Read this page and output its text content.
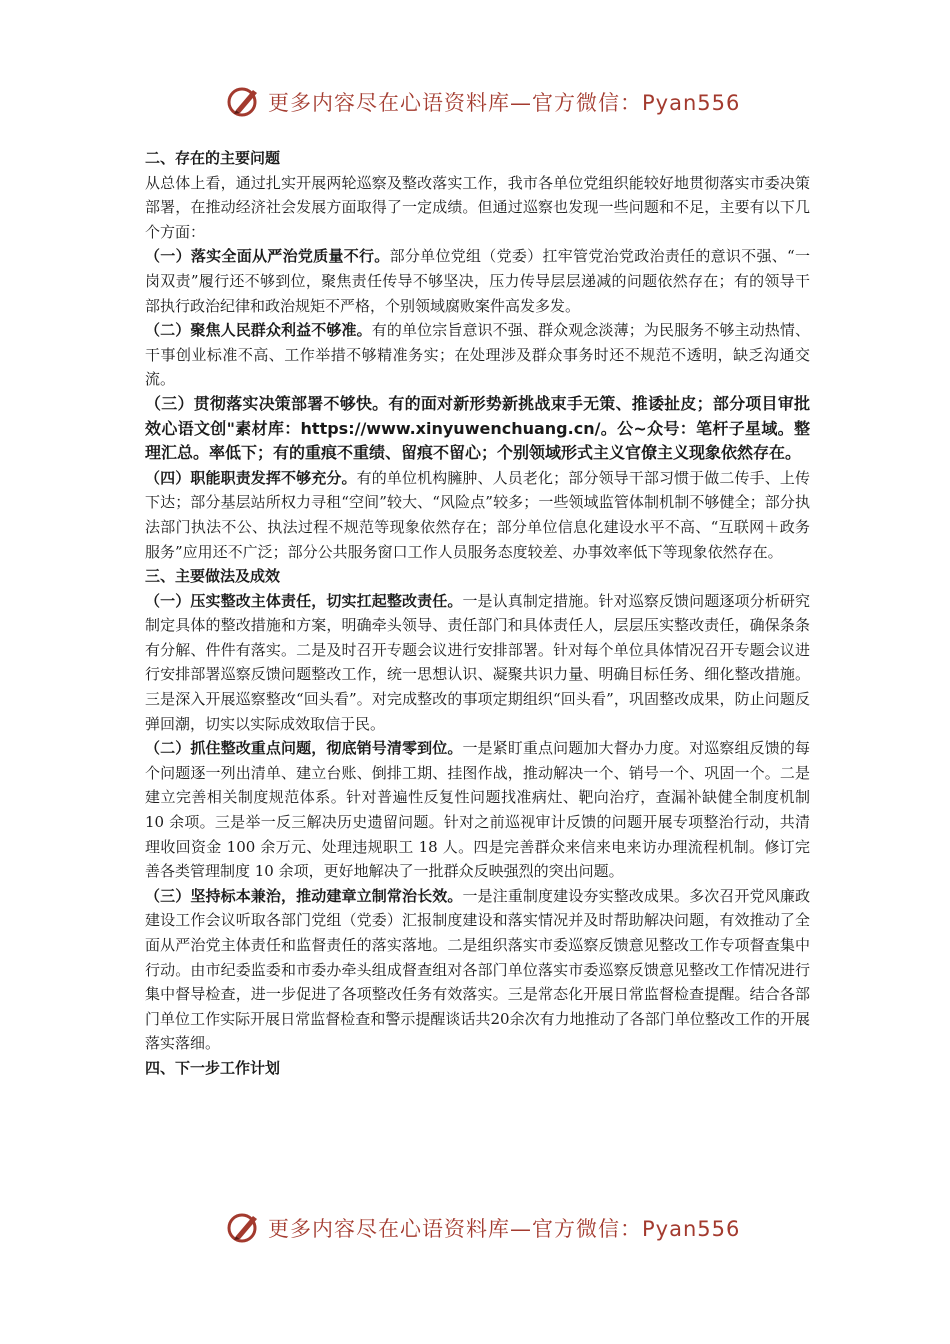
更多内容尽在心语资料库—官方微信：Pyan556

二、存在的主要问题

从总体上看，通过扎实开展两轮巡察及整改落实工作，我市各单位党组织能较好地贯彻落实市委决策部署，在推动经济社会发展方面取得了一定成绩。但通过巡察也发现一些问题和不足，主要有以下几个方面：

（一）落实全面从严治党质量不行。部分单位党组（党委）扛牢管党治党政治责任的意识不强、“一岗双责”履行还不够到位，聚焦责任传导不够坚决，压力传导层层递减的问题依然存在；有的领导干部执行政治纪律和政治规矩不严格，个别领域腐败案件高发多发。

（二）聚焦人民群众利益不够准。有的单位宗旨意识不强、群众观念淡薄；为民服务不够主动热情、干事创业标准不高、工作举措不够精准务实；在处理涉及群众事务时还不规范不透明，缺乏沟通交流。

（三）贯彻落实决策部署不够快。有的面对新形势新挑战束手无策、推诿扯皮；部分项目审批效心语文创"素材库：https://www.xinyuwenchuang.cn/。公~众号：笔杆子星域。整理汇总。率低下；有的重痕不重绩、留痕不留心；个别领域形式主义官僚主义现象依然存在。

（四）职能职责发挥不够充分。有的单位机构臃肿、人员老化；部分领导干部习惯于做二传手、上传下达；部分基层站所权力寻租“空间”较大、“风险点”较多；一些领域监管体制机制不够健全；部分执法部门执法不公、执法过程不规范等现象依然存在；部分单位信息化建设水平不高、“互联网＋政务服务”应用还不广泛；部分公共服务窗口工作人员服务态度较差、办事效率低下等现象依然存在。

三、主要做法及成效

（一）压实整改主体责任，切实扛起整改责任。一是认真制定措施。针对巡察反馈问题逐项分析研究制定具体的整改措施和方案，明确牵头领导、责任部门和具体责任人，层层压实整改责任，确保条条有分解、件件有落实。二是及时召开专题会议进行安排部署。针对每个单位具体情况召开专题会议进行安排部署巡察反馈问题整改工作，统一思想认识、凝聚共识力量、明确目标任务、细化整改措施。三是深入开展巡察整改“回头看”。对完成整改的事项定期组织“回头看”，巩固整改成果，防止问题反弹回潮，切实以实际成效取信于民。

（二）抓住整改重点问题，彻底销号清零到位。一是紧盯重点问题加大督办力度。对巡察组反馈的每个问题逐一列出清单、建立台账、倒排工期、挂图作战，推动解决一个、销号一个、巩固一个。二是建立完善相关制度规范体系。针对普遍性反复性问题找准病灶、靶向治疗，查漏补缺健全制度机制 10 余项。三是举一反三解决历史遗留问题。针对之前巡视审计反馈的问题开展专项整治行动，共清理收回资金 100 余万元、处理违规职工 18 人。四是完善群众来信来电来访办理流程机制。修订完善各类管理制度 10 余项，更好地解决了一批群众反映强烈的突出问题。

（三）坚持标本兼治，推动建章立制常治长效。一是注重制度建设夯实整改成果。多次召开党风廉政建设工作会议听取各部门党组（党委）汇报制度建设和落实情况并及时帮助解决问题，有效推动了全面从严治党主体责任和监督责任的落实落地。二是组织落实市委巡察反馈意见整改工作专项督查集中行动。由市纪委监委和市委办牵头组成督查组对各部门单位落实市委巡察反馈意见整改工作情况进行集中督导检查，进一步促进了各项整改任务有效落实。三是常态化开展日常监督检查提醒。结合各部门单位工作实际开展日常监督检查和警示提醒谈话共20余次有力地推动了各部门单位整改工作的开展落实落细。

四、下一步工作计划

更多内容尽在心语资料库—官方微信：Pyan556
